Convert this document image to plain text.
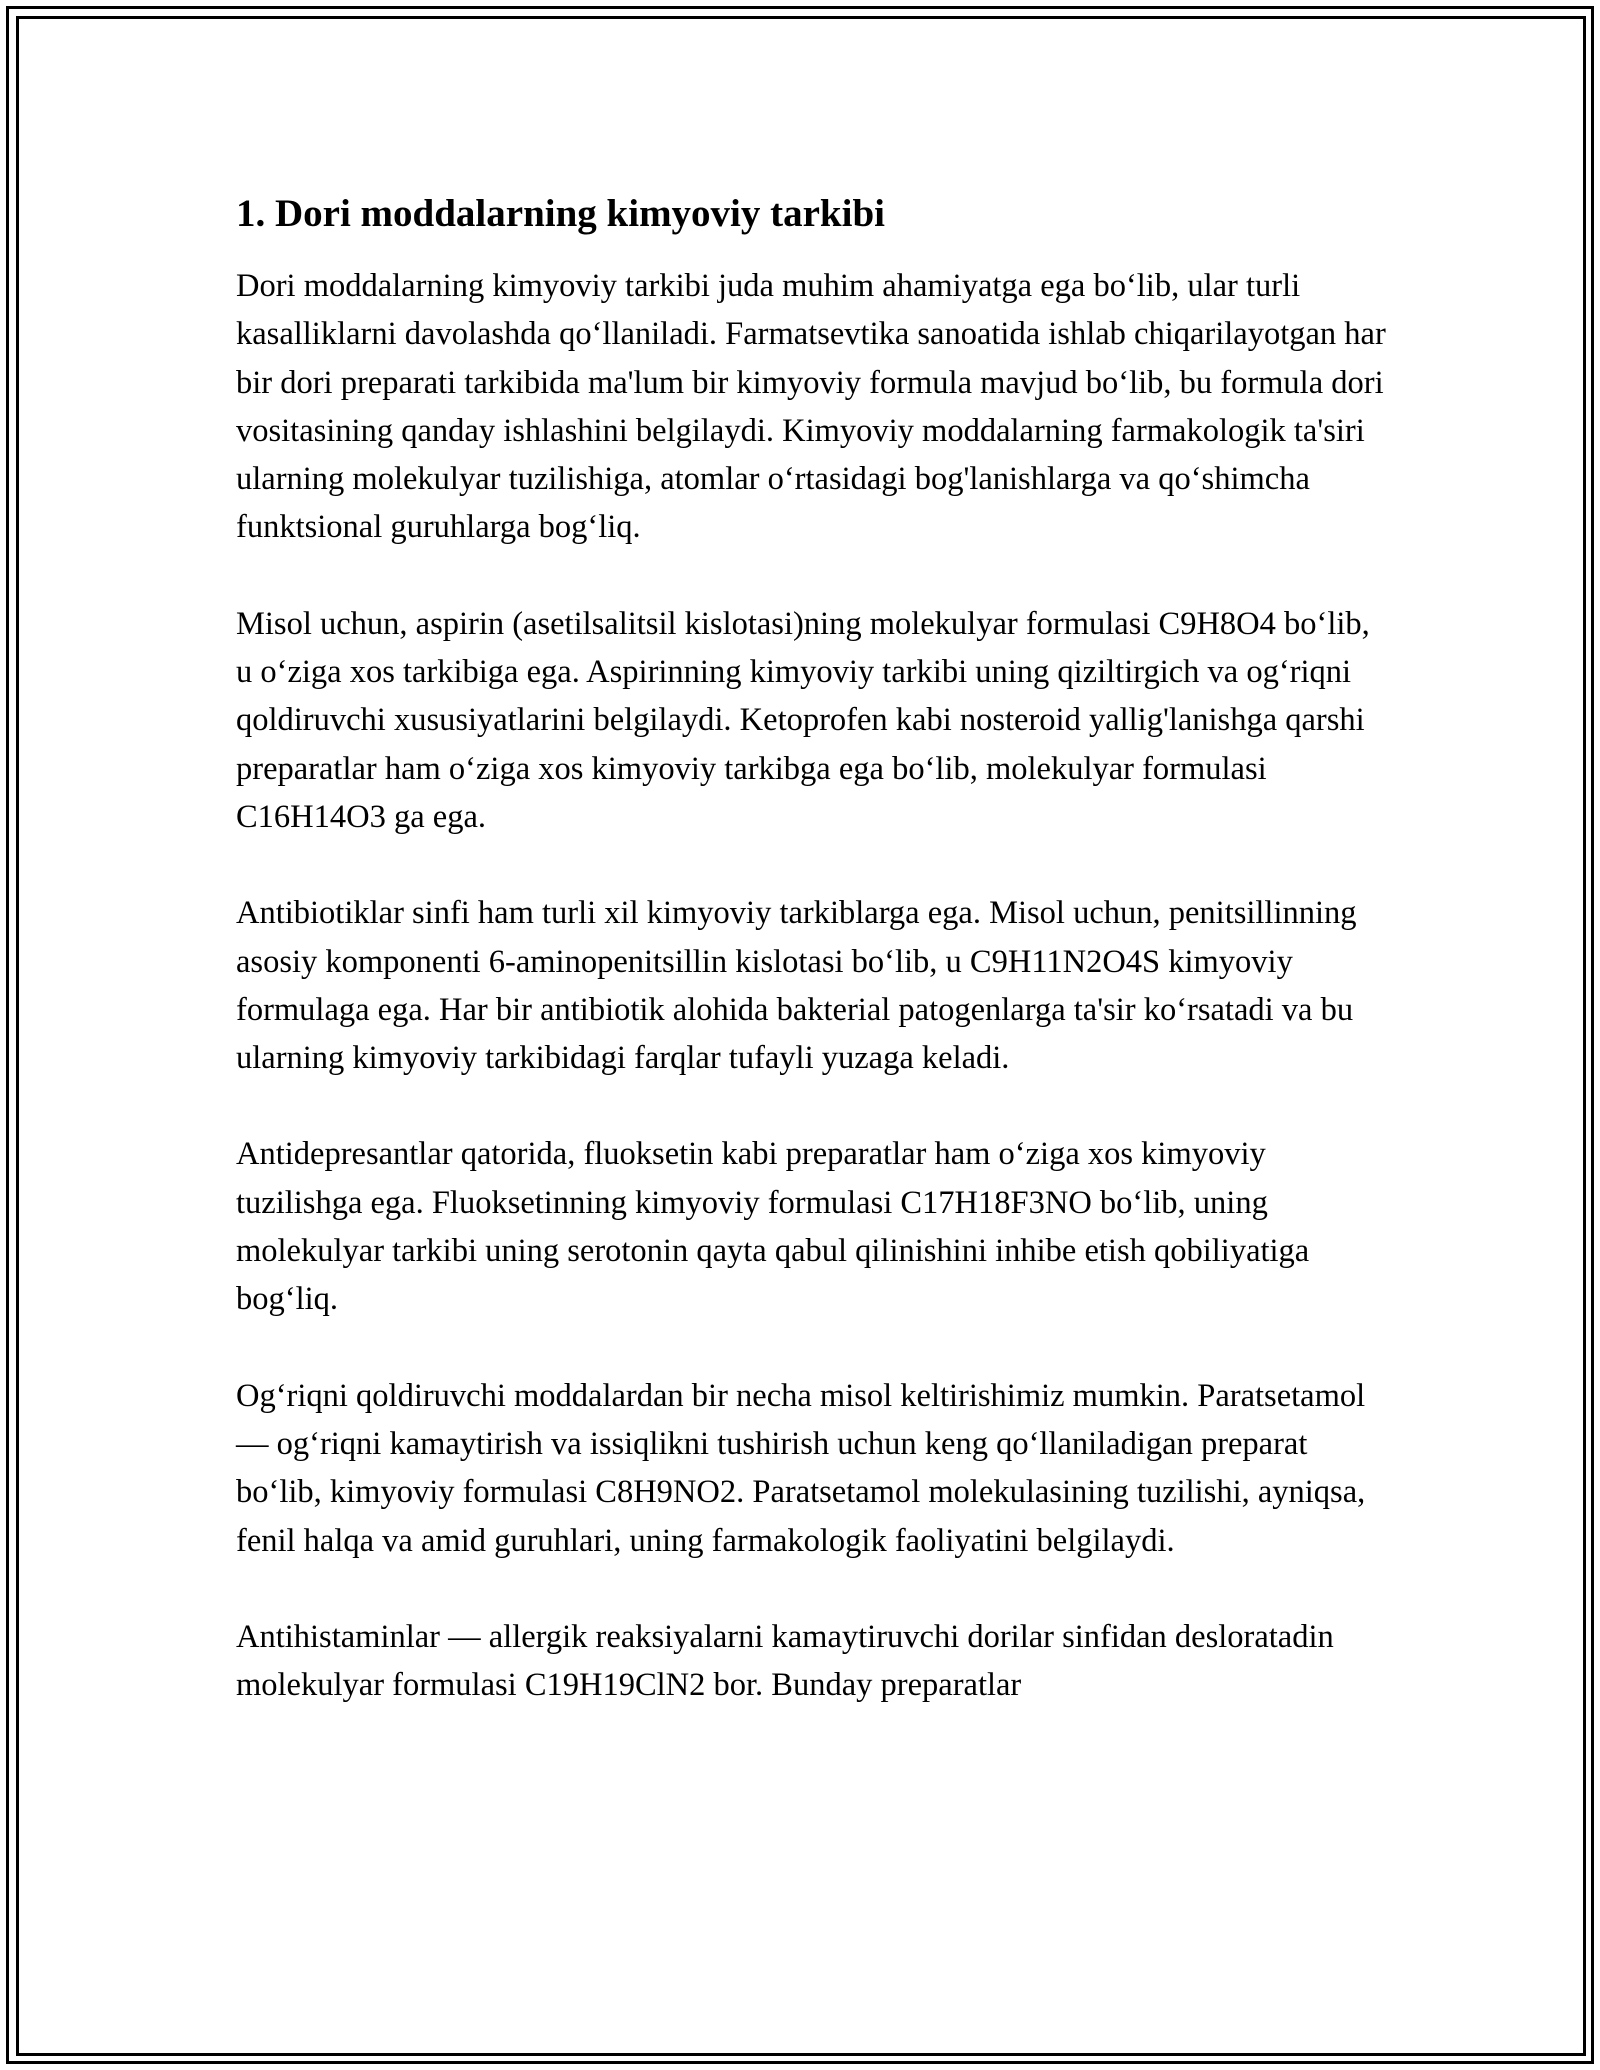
1. Dori moddalarning kimyoviy tarkibi

Dori moddalarning kimyoviy tarkibi juda muhim ahamiyatga ega bo‘lib, ular turli kasalliklarni davolashda qo‘llaniladi. Farmatsevtika sanoatida ishlab chiqarilayotgan har bir dori preparati tarkibida ma'lum bir kimyoviy formula mavjud bo‘lib, bu formula dori vositasining qanday ishlashini belgilaydi. Kimyoviy moddalarning farmakologik ta'siri ularning molekulyar tuzilishiga, atomlar o‘rtasidagi bog'lanishlarga va qo‘shimcha funktsional guruhlarga bog‘liq.

Misol uchun, aspirin (asetilsalitsil kislotasi)ning molekulyar formulasi C9H8O4 bo‘lib, u o‘ziga xos tarkibiga ega. Aspirinning kimyoviy tarkibi uning qiziltirgich va og‘riqni qoldiruvchi xususiyatlarini belgilaydi. Ketoprofen kabi nosteroid yallig'lanishga qarshi preparatlar ham o‘ziga xos kimyoviy tarkibga ega bo‘lib, molekulyar formulasi C16H14O3 ga ega.

Antibiotiklar sinfi ham turli xil kimyoviy tarkiblarga ega. Misol uchun, penitsillinning asosiy komponenti 6-aminopenitsillin kislotasi bo‘lib, u C9H11N2O4S kimyoviy formulaga ega. Har bir antibiotik alohida bakterial patogenlarga ta'sir ko‘rsatadi va bu ularning kimyoviy tarkibidagi farqlar tufayli yuzaga keladi.

Antidepresantlar qatorida, fluoksetin kabi preparatlar ham o‘ziga xos kimyoviy tuzilishga ega. Fluoksetinning kimyoviy formulasi C17H18F3NO bo‘lib, uning molekulyar tarkibi uning serotonin qayta qabul qilinishini inhibe etish qobiliyatiga bog‘liq.

Og‘riqni qoldiruvchi moddalardan bir necha misol keltirishimiz mumkin. Paratsetamol — og‘riqni kamaytirish va issiqlikni tushirish uchun keng qo‘llaniladigan preparat bo‘lib, kimyoviy formulasi C8H9NO2. Paratsetamol molekulasining tuzilishi, ayniqsa, fenil halqa va amid guruhlari, uning farmakologik faoliyatini belgilaydi.

Antihistaminlar — allergik reaksiyalarni kamaytiruvchi dorilar sinfidan desloratadin molekulyar formulasi C19H19ClN2 bor. Bunday preparatlar
